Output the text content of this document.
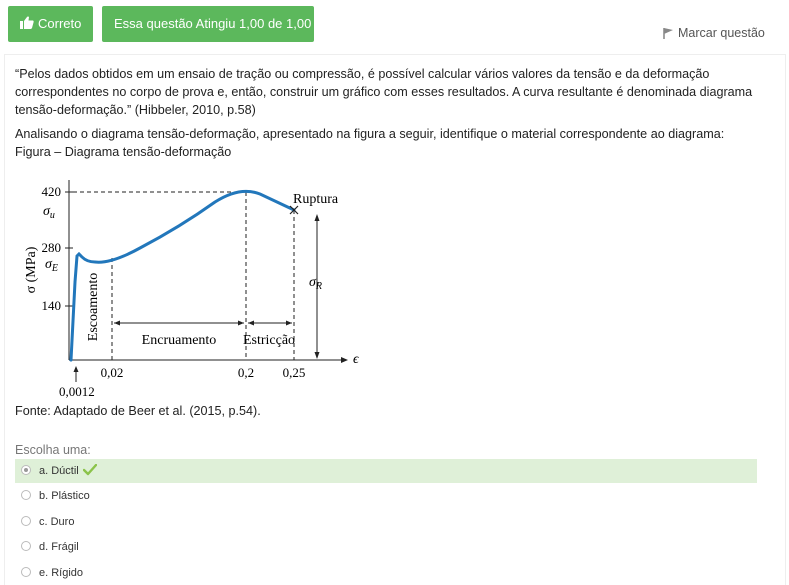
Correto	Essa questão Atingiu 1,00 de 1,00
Marcar questão
“Pelos dados obtidos em um ensaio de tração ou compressão, é possível calcular vários valores da tensão e da deformação correspondentes no corpo de prova e, então, construir um gráfico com esses resultados. A curva resultante é denominada diagrama tensão-deformação.” (Hibbeler, 2010, p.58)
Analisando o diagrama tensão-deformação, apresentado na figura a seguir, identifique o material correspondente ao diagrama:
Figura – Diagrama tensão-deformação
ϵ
420
280
140
$\sigma_u$
$\sigma_E$
σ (MPa)
Encruamento Estricção
Escoamento	$\sigma_R$
Ruptura
0,0012
0,02	0,2 0,25
Fonte: Adaptado de Beer et al. (2015, p.54).
Escolha uma:
a. Dúctil
b. Plástico
c. Duro
d. Frágil
e. Rígido
